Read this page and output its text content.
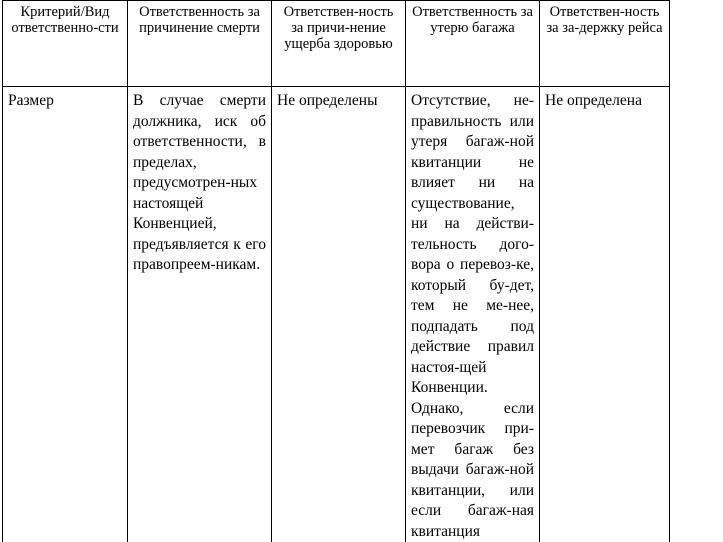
Критерий/Вид ответственно-сти	Ответственность за причинение смерти	Ответствен-ность за причи-нение ущерба здоровью	Ответственность за утерю багажа	Ответствен-ность за за-держку рейса
Размер	В случае смерти должника, иск об ответственности, в пределах, предусмотрен-ных настоящей Конвенцией, предъявляется к его правопреем-никам.	Не определены	Отсутствие, не-правильность или утеря багаж-ной квитанции не влияет ни на существование, ни на действи-тельность дого-вора о перевоз-ке, который бу-дет, тем не ме-нее, подпадать под действие правил настоя-щей Конвенции. Однако, если перевозчик при-мет багаж без выдачи багаж-ной квитанции, или если багаж-ная квитанция	Не определена
